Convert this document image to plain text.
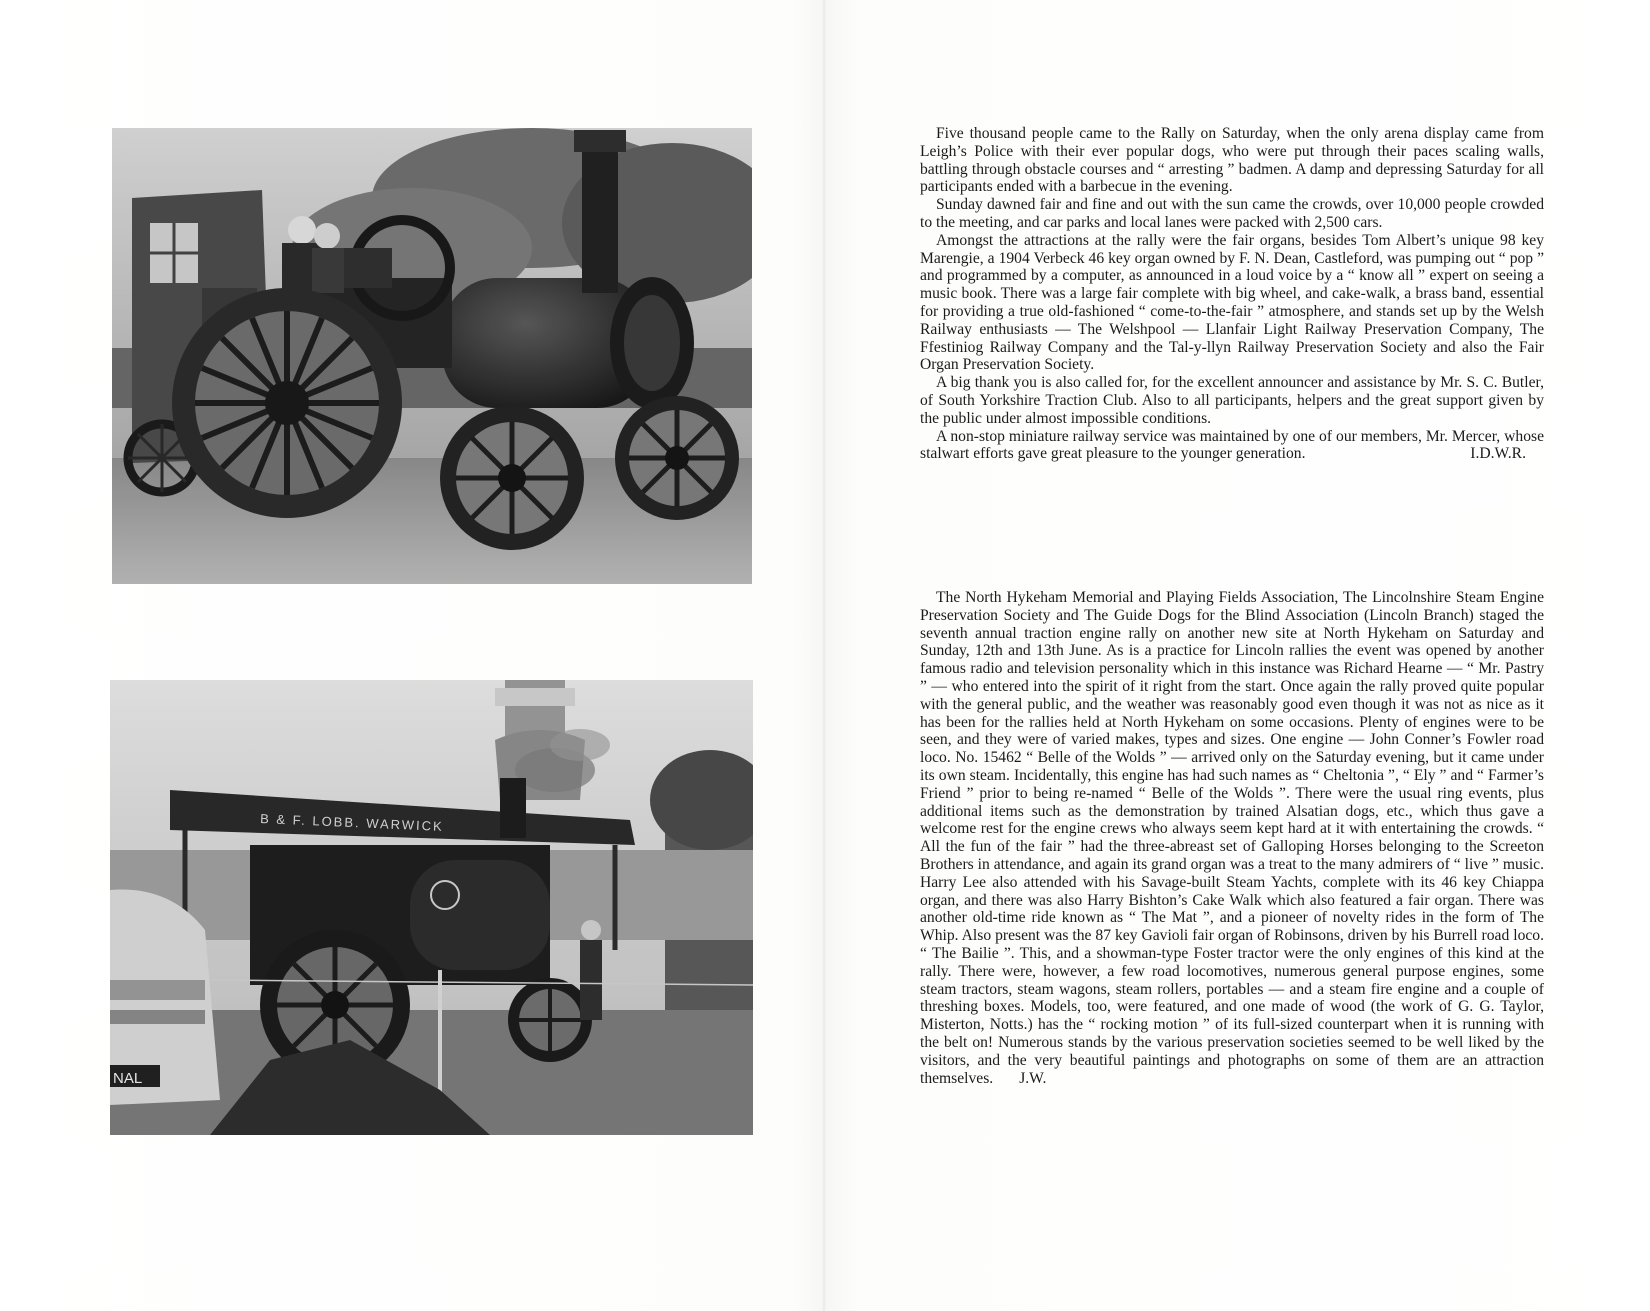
B & F. LOBB. WARWICK
NAL

Five thousand people came to the Rally on Saturday, when the only arena display came from Leigh’s Police with their ever popular dogs, who were put through their paces scaling walls, battling through obstacle courses and “ arresting ” badmen. A damp and depressing Saturday for all participants ended with a barbecue in the evening.

Sunday dawned fair and fine and out with the sun came the crowds, over 10,000 people crowded to the meeting, and car parks and local lanes were packed with 2,500 cars.

Amongst the attractions at the rally were the fair organs, besides Tom Albert’s unique 98 key Marengie, a 1904 Verbeck 46 key organ owned by F. N. Dean, Castleford, was pumping out “ pop ” and programmed by a computer, as announced in a loud voice by a “ know all ” expert on seeing a music book. There was a large fair complete with big wheel, and cake-walk, a brass band, essential for providing a true old-fashioned “ come-to-the-fair ” atmosphere, and stands set up by the Welsh Railway enthusiasts — The Welshpool — Llanfair Light Railway Preservation Company, The Ffestiniog Railway Company and the Tal-y-llyn Railway Preservation Society and also the Fair Organ Preservation Society.

A big thank you is also called for, for the excellent announcer and assistance by Mr. S. C. Butler, of South Yorkshire Traction Club. Also to all participants, helpers and the great support given by the public under almost impossible conditions.

A non-stop miniature railway service was maintained by one of our members, Mr. Mercer, whose stalwart efforts gave great pleasure to the younger generation.	I.D.W.R.

The North Hykeham Memorial and Playing Fields Association, The Lincolnshire Steam Engine Preservation Society and The Guide Dogs for the Blind Association (Lincoln Branch) staged the seventh annual traction engine rally on another new site at North Hykeham on Saturday and Sunday, 12th and 13th June. As is a practice for Lincoln rallies the event was opened by another famous radio and television personality which in this instance was Richard Hearne — “ Mr. Pastry ” — who entered into the spirit of it right from the start. Once again the rally proved quite popular with the general public, and the weather was reasonably good even though it was not as nice as it has been for the rallies held at North Hykeham on some occasions. Plenty of engines were to be seen, and they were of varied makes, types and sizes. One engine — John Conner’s Fowler road loco. No. 15462 “ Belle of the Wolds ” — arrived only on the Saturday evening, but it came under its own steam. Incidentally, this engine has had such names as “ Cheltonia ”, “ Ely ” and “ Farmer’s Friend ” prior to being re-named “ Belle of the Wolds ”. There were the usual ring events, plus additional items such as the demonstration by trained Alsatian dogs, etc., which thus gave a welcome rest for the engine crews who always seem kept hard at it with entertaining the crowds. “ All the fun of the fair ” had the three-abreast set of Galloping Horses belonging to the Screeton Brothers in attendance, and again its grand organ was a treat to the many admirers of “ live ” music. Harry Lee also attended with his Savage-built Steam Yachts, complete with its 46 key Chiappa organ, and there was also Harry Bishton’s Cake Walk which also featured a fair organ. There was another old-time ride known as “ The Mat ”, and a pioneer of novelty rides in the form of The Whip. Also present was the 87 key Gavioli fair organ of Robinsons, driven by his Burrell road loco. “ The Bailie ”. This, and a showman-type Foster tractor were the only engines of this kind at the rally. There were, however, a few road locomotives, numerous general purpose engines, some steam tractors, steam wagons, steam rollers, portables — and a steam fire engine and a couple of threshing boxes. Models, too, were featured, and one made of wood (the work of G. G. Taylor, Misterton, Notts.) has the “ rocking motion ” of its full-sized counterpart when it is running with the belt on! Numerous stands by the various preservation societies seemed to be well liked by the visitors, and the very beautiful paintings and photographs on some of them are an attraction themselves. J.W.
